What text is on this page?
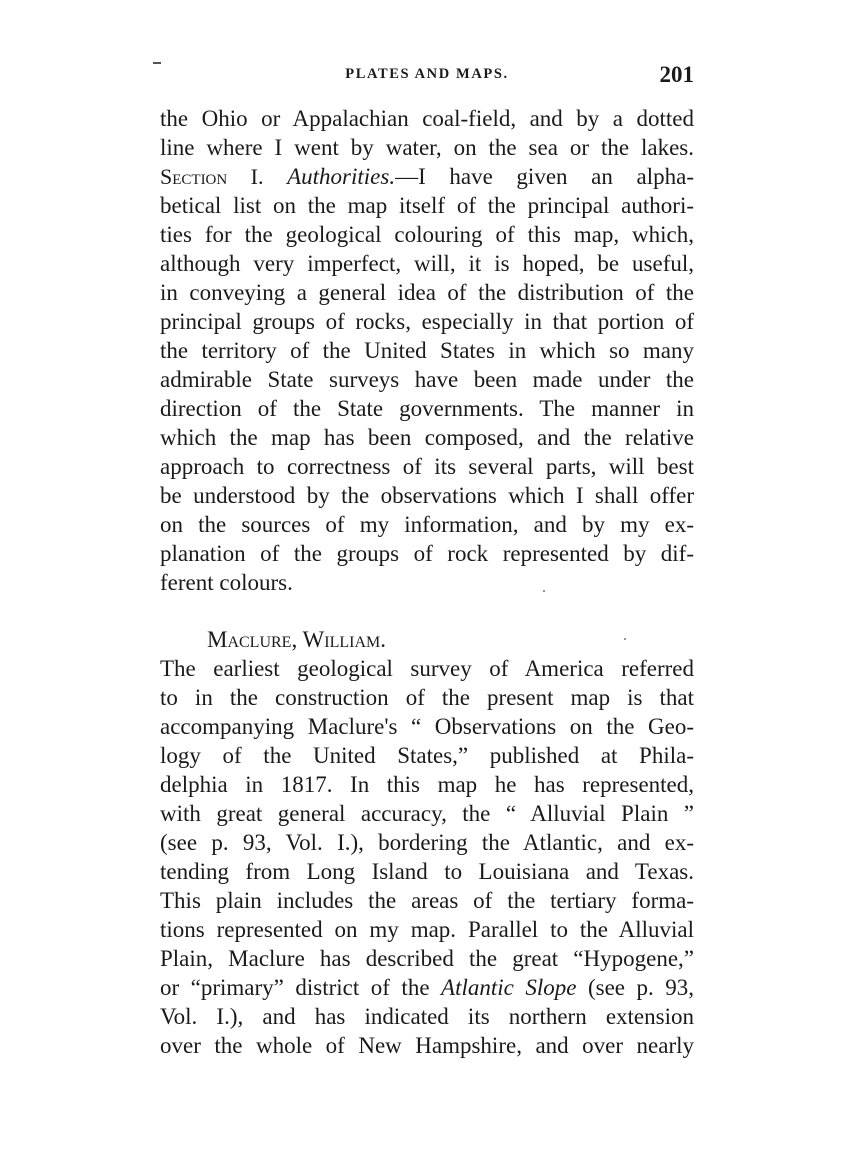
PLATES AND MAPS.	201
the Ohio or Appalachian coal-field, and by a dotted
line where I went by water, on the sea or the lakes.
Section I. Authorities.—I have given an alpha-
betical list on the map itself of the principal authori-
ties for the geological colouring of this map, which,
although very imperfect, will, it is hoped, be useful,
in conveying a general idea of the distribution of the
principal groups of rocks, especially in that portion of
the territory of the United States in which so many
admirable State surveys have been made under the
direction of the State governments. The manner in
which the map has been composed, and the relative
approach to correctness of its several parts, will best
be understood by the observations which I shall offer
on the sources of my information, and by my ex-
planation of the groups of rock represented by dif-
ferent colours.
Maclure, William.
The earliest geological survey of America referred
to in the construction of the present map is that
accompanying Maclure's “ Observations on the Geo-
logy of the United States,” published at Phila-
delphia in 1817. In this map he has represented,
with great general accuracy, the “ Alluvial Plain ”
(see p. 93, Vol. I.), bordering the Atlantic, and ex-
tending from Long Island to Louisiana and Texas.
This plain includes the areas of the tertiary forma-
tions represented on my map. Parallel to the Alluvial
Plain, Maclure has described the great “Hypogene,”
or “primary” district of the Atlantic Slope (see p. 93,
Vol. I.), and has indicated its northern extension
over the whole of New Hampshire, and over nearly
